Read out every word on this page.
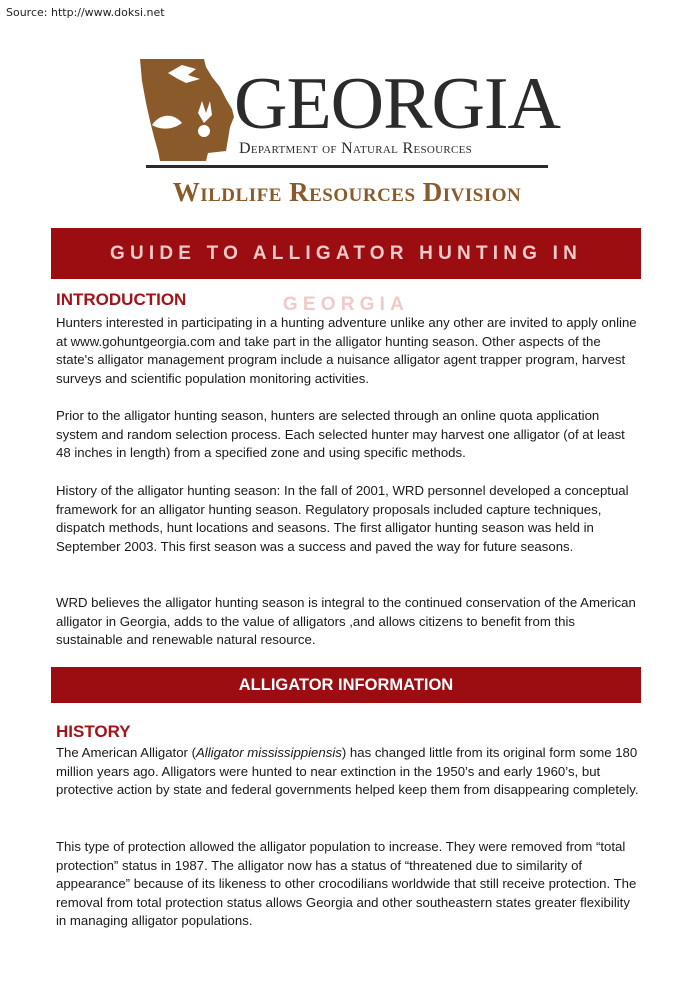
Source: http://www.doksi.net
GEORGIA
Department of Natural Resources
Wildlife Resources Division
GUIDE TO ALLIGATOR HUNTING IN GEORGIA
INTRODUCTION
Hunters interested in participating in a hunting adventure unlike any other are invited to apply online at www.gohuntgeorgia.com and take part in the alligator hunting season. Other aspects of the state's alligator management program include a nuisance alligator agent trapper program, harvest surveys and scientific population monitoring activities.
Prior to the alligator hunting season, hunters are selected through an online quota application system and random selection process. Each selected hunter may harvest one alligator (of at least 48 inches in length) from a specified zone and using specific methods.
History of the alligator hunting season: In the fall of 2001, WRD personnel developed a conceptual framework for an alligator hunting season. Regulatory proposals included capture techniques, dispatch methods, hunt locations and seasons. The first alligator hunting season was held in September 2003. This first season was a success and paved the way for future seasons.
WRD believes the alligator hunting season is integral to the continued conservation of the American alligator in Georgia, adds to the value of alligators ,and allows citizens to benefit from this sustainable and renewable natural resource.
ALLIGATOR INFORMATION
HISTORY
The American Alligator (Alligator mississippiensis) has changed little from its original form some 180 million years ago. Alligators were hunted to near extinction in the 1950’s and early 1960’s, but protective action by state and federal governments helped keep them from disappearing completely.
This type of protection allowed the alligator population to increase. They were removed from “total protection” status in 1987. The alligator now has a status of “threatened due to similarity of appearance” because of its likeness to other crocodilians worldwide that still receive protection. The removal from total protection status allows Georgia and other southeastern states greater flexibility in managing alligator populations.
